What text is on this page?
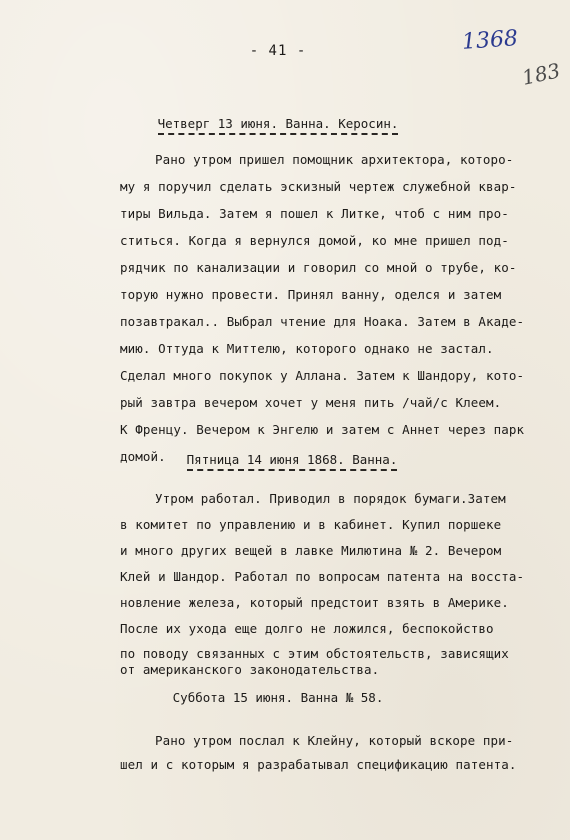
1368
183
- 41 -
Четверг 13 июня. Ванна. Керосин.
Рано утром пришел помощник архитектора, которо-
му я поручил сделать эскизный чертеж служебной квар-
тиры Вильда. Затем я пошел к Литке, чтоб с ним про-
ститься. Когда я вернулся домой, ко мне пришел под-
рядчик по канализации и говорил со мной о трубе, ко-
торую нужно провести. Принял ванну, оделся и затем
позавтракал.. Выбрал чтение для Ноака. Затем в Акаде-
мию. Оттуда к Миттелю, которого однако не застал.
Сделал много покупок у Аллана. Затем к Шандору, кото-
рый завтра вечером хочет у меня пить /чай/с Клеем.
К Френцу. Вечером к Энгелю и затем с Аннет через парк
домой.	Пятница 14 июня 1868. Ванна.
Утром работал. Приводил в порядок бумаги.Затем
в комитет по управлению и в кабинет. Купил поршеке
и много других вещей в лавке Милютина № 2. Вечером
Клей и Шандор. Работал по вопросам патента на восста-
новление железа, который предстоит взять в Америке.
После их ухода еще долго не ложился, беспокойство
по поводу связанных с этим обстоятельств, зависящих
от американского законодательства.
Суббота 15 июня. Ванна № 58.
Рано утром послал к Клейну, который вскоре при-
шел и с которым я разрабатывал спецификацию патента.
